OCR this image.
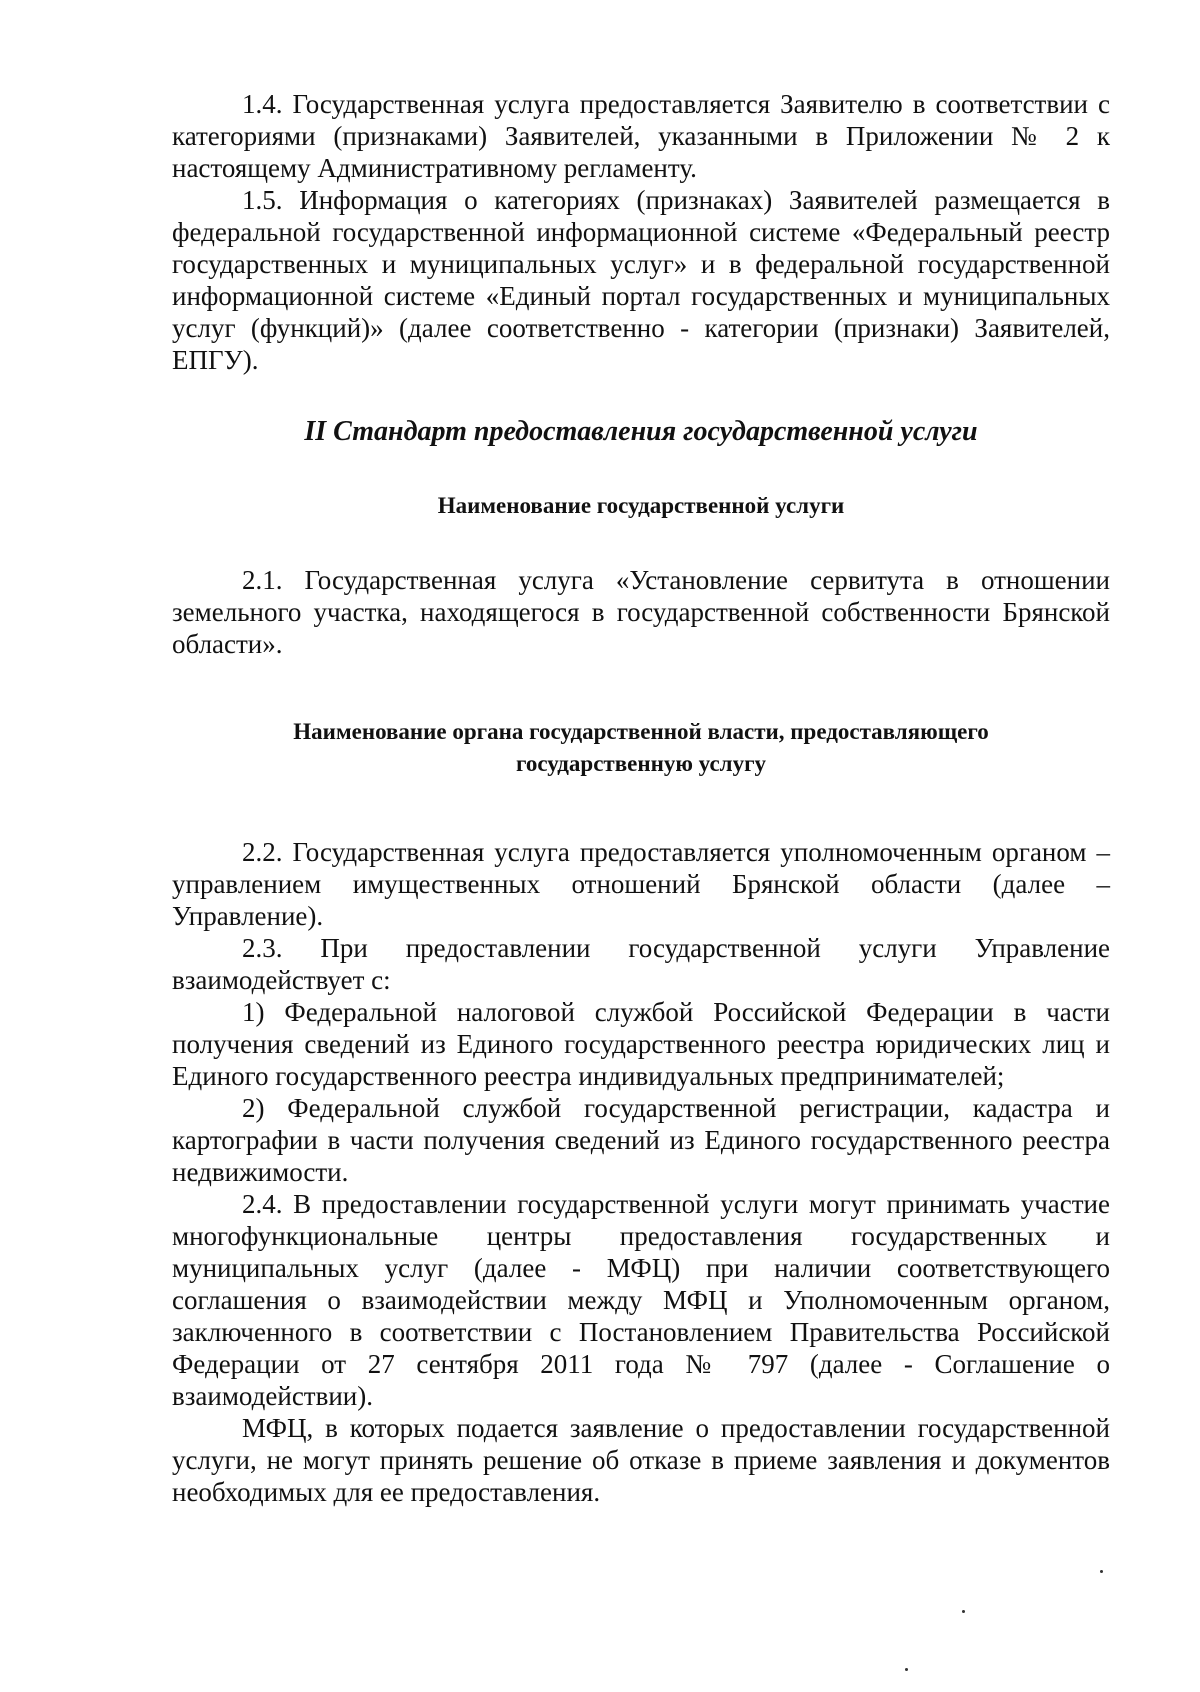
1.4. Государственная услуга предоставляется Заявителю в соответствии с категориями (признаками) Заявителей, указанными в Приложении № 2 к настоящему Административному регламенту.

1.5. Информация о категориях (признаках) Заявителей размещается в федеральной государственной информационной системе «Федеральный реестр государственных и муниципальных услуг» и в федеральной государственной информационной системе «Единый портал государственных и муниципальных услуг (функций)» (далее соответственно - категории (признаки) Заявителей, ЕПГУ).

II Стандарт предоставления государственной услуги
Наименование государственной услуги

2.1. Государственная услуга «Установление сервитута в отношении земельного участка, находящегося в государственной собственности Брянской области».

Наименование органа государственной власти, предоставляющего
государственную услугу

2.2. Государственная услуга предоставляется уполномоченным органом – управлением имущественных отношений Брянской области (далее – Управление).

2.3. При предоставлении государственной услуги Управление взаимодействует с:

1) Федеральной налоговой службой Российской Федерации в части получения сведений из Единого государственного реестра юридических лиц и Единого государственного реестра индивидуальных предпринимателей;

2) Федеральной службой государственной регистрации, кадастра и картографии в части получения сведений из Единого государственного реестра недвижимости.

2.4. В предоставлении государственной услуги могут принимать участие многофункциональные центры предоставления государственных и муниципальных услуг (далее - МФЦ) при наличии соответствующего соглашения о взаимодействии между МФЦ и Уполномоченным органом, заключенного в соответствии с Постановлением Правительства Российской Федерации от 27 сентября 2011 года № 797 (далее - Соглашение о взаимодействии).

МФЦ, в которых подается заявление о предоставлении государственной услуги, не могут принять решение об отказе в приеме заявления и документов необходимых для ее предоставления.
